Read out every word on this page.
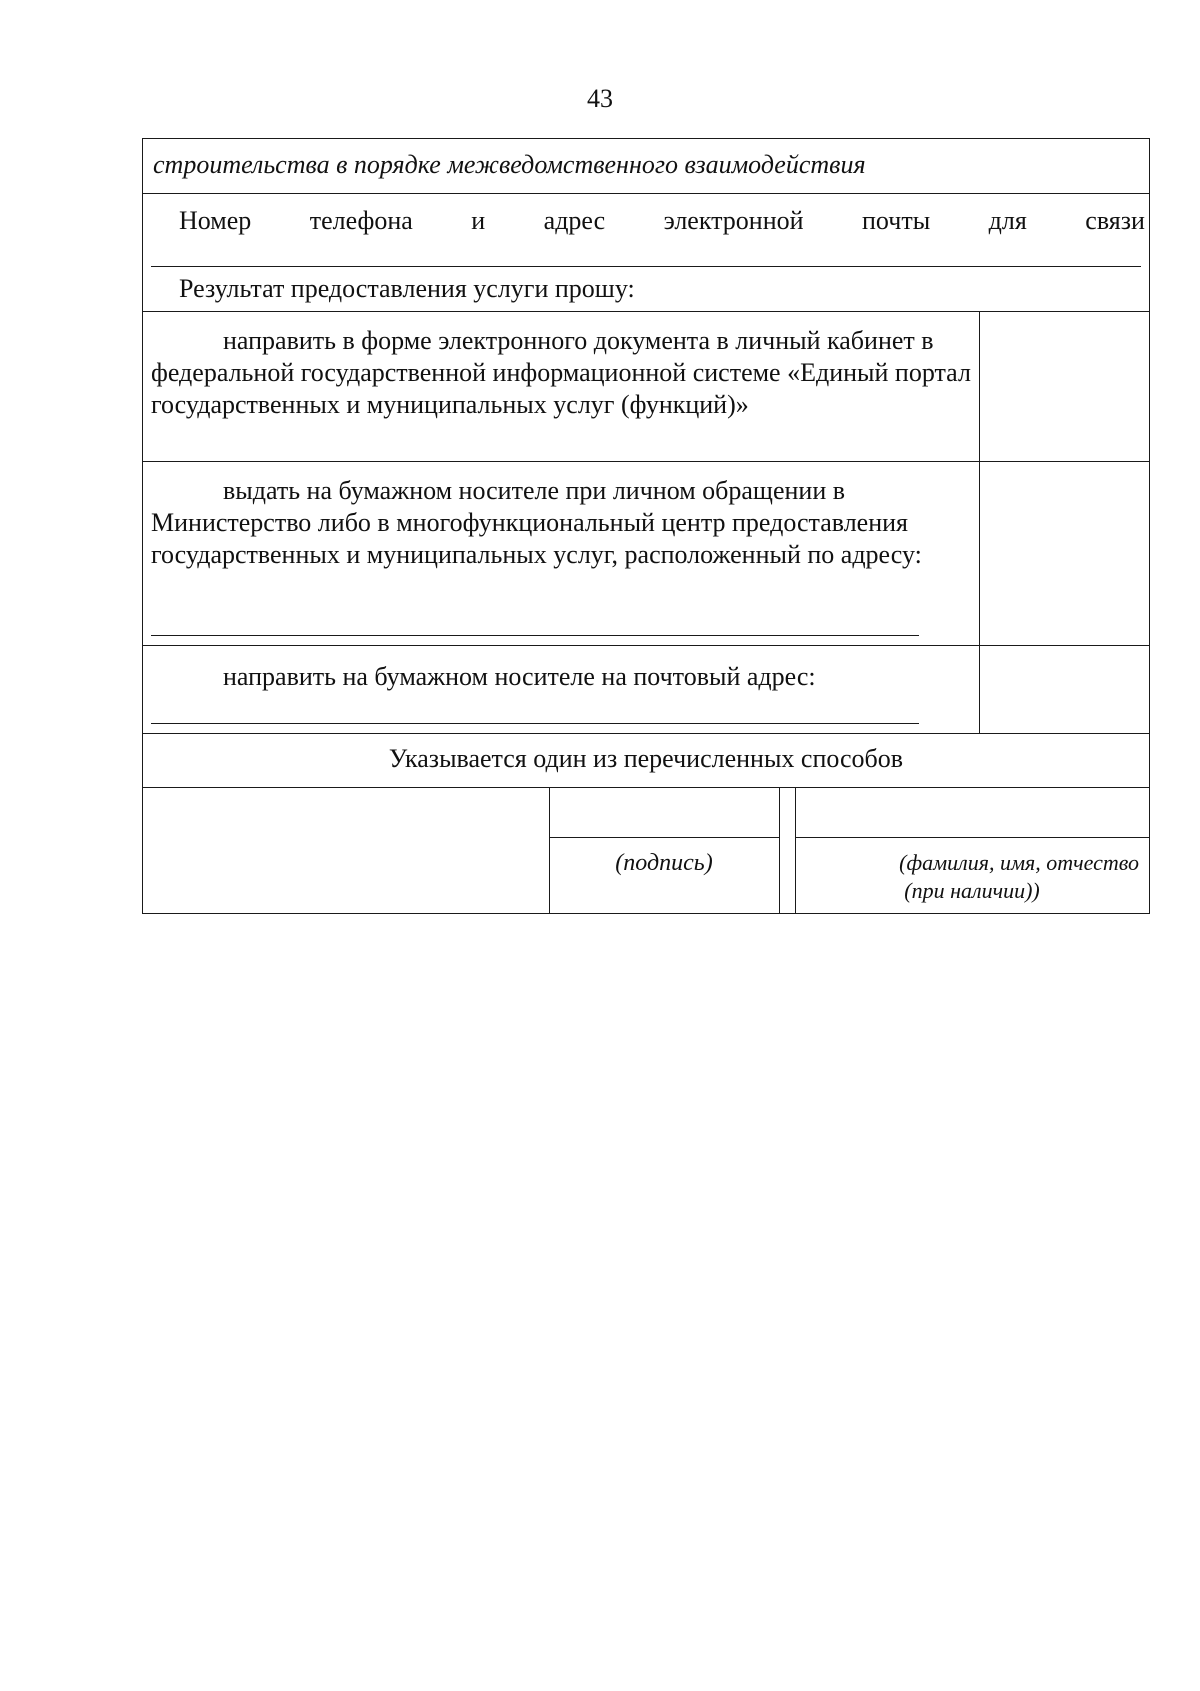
43
строительства в порядке межведомственного взаимодействия
Номер телефона и адрес электронной почты для связи
Результат предоставления услуги прошу:
направить в форме электронного документа в личный кабинет в федеральной государственной информационной системе «Единый портал государственных и муниципальных услуг (функций)»
выдать на бумажном носителе при личном обращении в Министерство либо в многофункциональный центр предоставления государственных и муниципальных услуг, расположенный по адресу:
направить на бумажном носителе на почтовый адрес:
Указывается один из перечисленных способов
(подпись)	(фамилия, имя, отчество
(при наличии))
